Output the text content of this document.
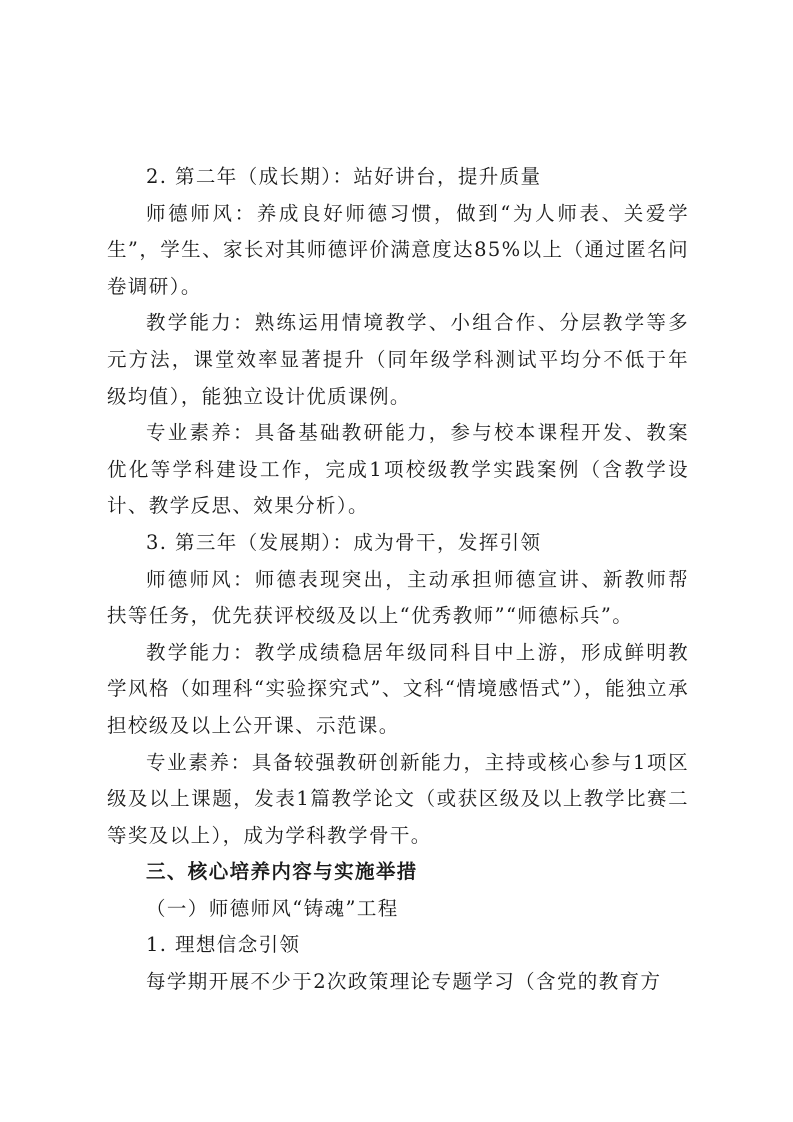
2. 第二年（成长期）：站好讲台，提升质量

师德师风：养成良好师德习惯，做到“为人师表、关爱学生”，学生、家长对其师德评价满意度达85%以上（通过匿名问卷调研）。

教学能力：熟练运用情境教学、小组合作、分层教学等多元方法，课堂效率显著提升（同年级学科测试平均分不低于年级均值），能独立设计优质课例。

专业素养：具备基础教研能力，参与校本课程开发、教案优化等学科建设工作，完成1项校级教学实践案例（含教学设计、教学反思、效果分析）。

3. 第三年（发展期）：成为骨干，发挥引领

师德师风：师德表现突出，主动承担师德宣讲、新教师帮扶等任务，优先获评校级及以上“优秀教师”“师德标兵”。

教学能力：教学成绩稳居年级同科目中上游，形成鲜明教学风格（如理科“实验探究式”、文科“情境感悟式”），能独立承担校级及以上公开课、示范课。

专业素养：具备较强教研创新能力，主持或核心参与1项区级及以上课题，发表1篇教学论文（或获区级及以上教学比赛二等奖及以上），成为学科教学骨干。

三、核心培养内容与实施举措

（一）师德师风“铸魂”工程

1. 理想信念引领

每学期开展不少于2次政策理论专题学习（含党的教育方
